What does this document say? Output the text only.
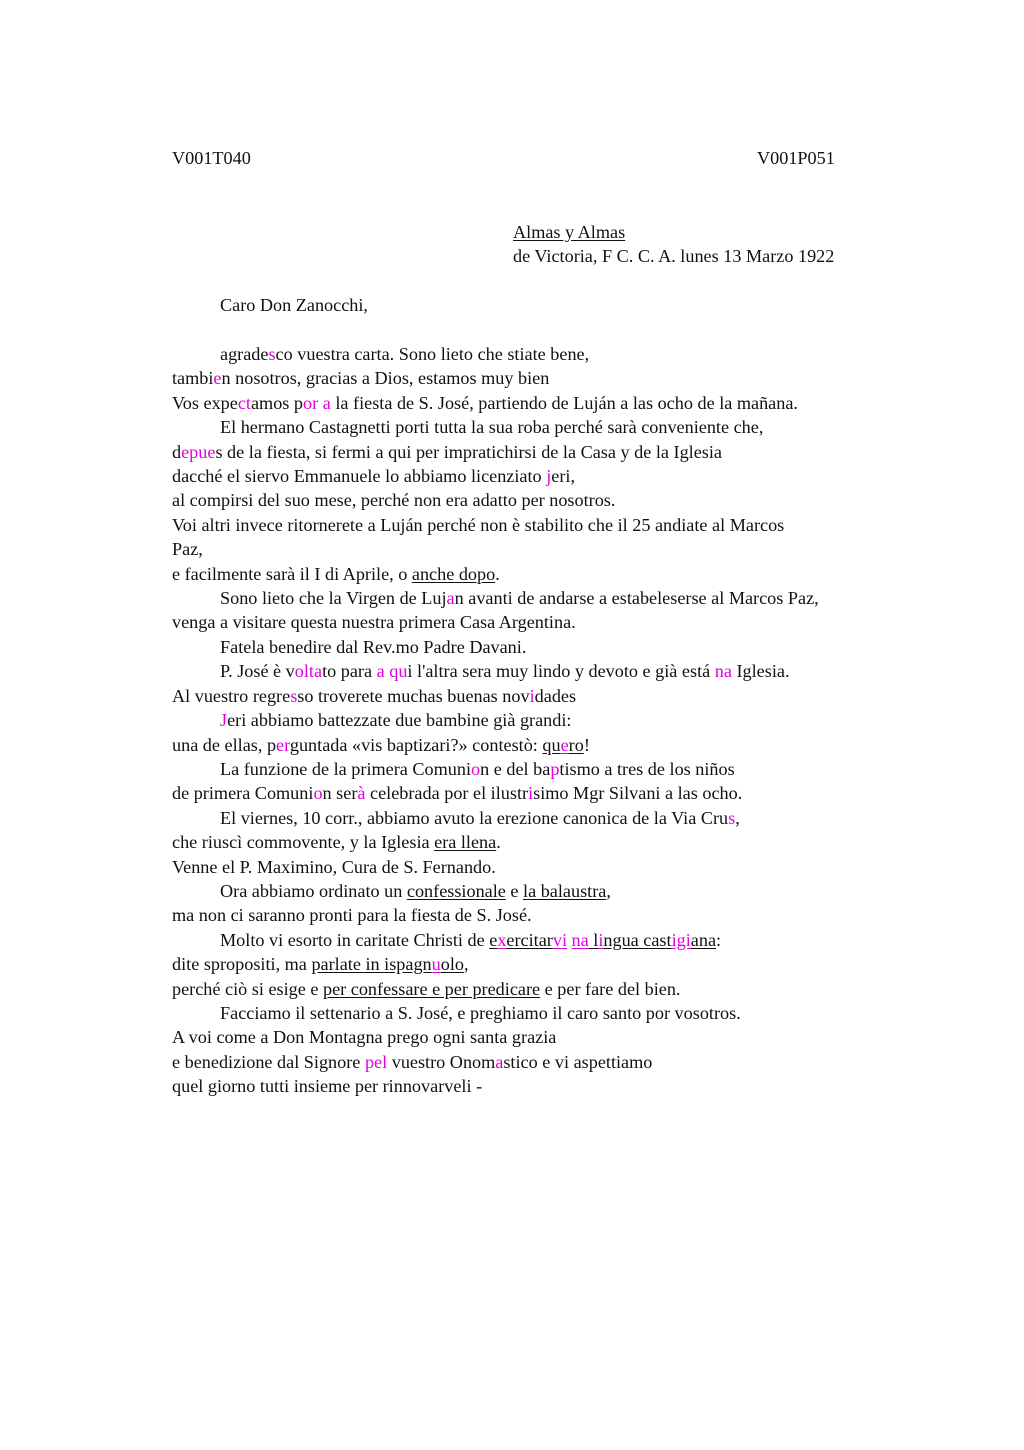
V001T040	V001P051
Almas y Almas
de Victoria, F C. C. A. lunes 13 Marzo 1922
Caro Don Zanocchi,
agradesco vuestra carta. Sono lieto che stiate bene,
tambien nosotros, gracias a Dios, estamos muy bien
Vos expectamos por a la fiesta de S. José, partiendo de Luján a las ocho de la mañana.
El hermano Castagnetti porti tutta la sua roba perché sarà conveniente che,
depues de la fiesta, si fermi a qui per impratichirsi de la Casa y de la Iglesia
dacché el siervo Emmanuele lo abbiamo licenziato jeri,
al compirsi del suo mese, perché non era adatto per nosotros.
Voi altri invece ritornerete a Luján perché non è stabilito che il 25 andiate al Marcos
Paz,
e facilmente sarà il I di Aprile, o anche dopo.
Sono lieto che la Virgen de Lujan avanti de andarse a estabeleserse al Marcos Paz,
venga a visitare questa nuestra primera Casa Argentina.
Fatela benedire dal Rev.mo Padre Davani.
P. José è voltato para a qui l'altra sera muy lindo y devoto e già está na Iglesia.
Al vuestro regresso troverete muchas buenas novidades
Jeri abbiamo battezzate due bambine già grandi:
una de ellas, perguntada «vis baptizari?» contestò: quero!
La funzione de la primera Comunion e del baptismo a tres de los niños
de primera Comunion serà celebrada por el ilustrisimo Mgr Silvani a las ocho.
El viernes, 10 corr., abbiamo avuto la erezione canonica de la Via Crus,
che riuscì commovente, y la Iglesia era llena.
Venne el P. Maximino, Cura de S. Fernando.
Ora abbiamo ordinato un confessionale e la balaustra,
ma non ci saranno pronti para la fiesta de S. José.
Molto vi esorto in caritate Christi de exercitarvi na lingua castigiana:
dite spropositi, ma parlate in ispagnuolo,
perché ciò si esige e per confessare e per predicare e per fare del bien.
Facciamo il settenario a S. José, e preghiamo il caro santo por vosotros.
A voi come a Don Montagna prego ogni santa grazia
e benedizione dal Signore pel vuestro Onomastico e vi aspettiamo
quel giorno tutti insieme per rinnovarveli -
